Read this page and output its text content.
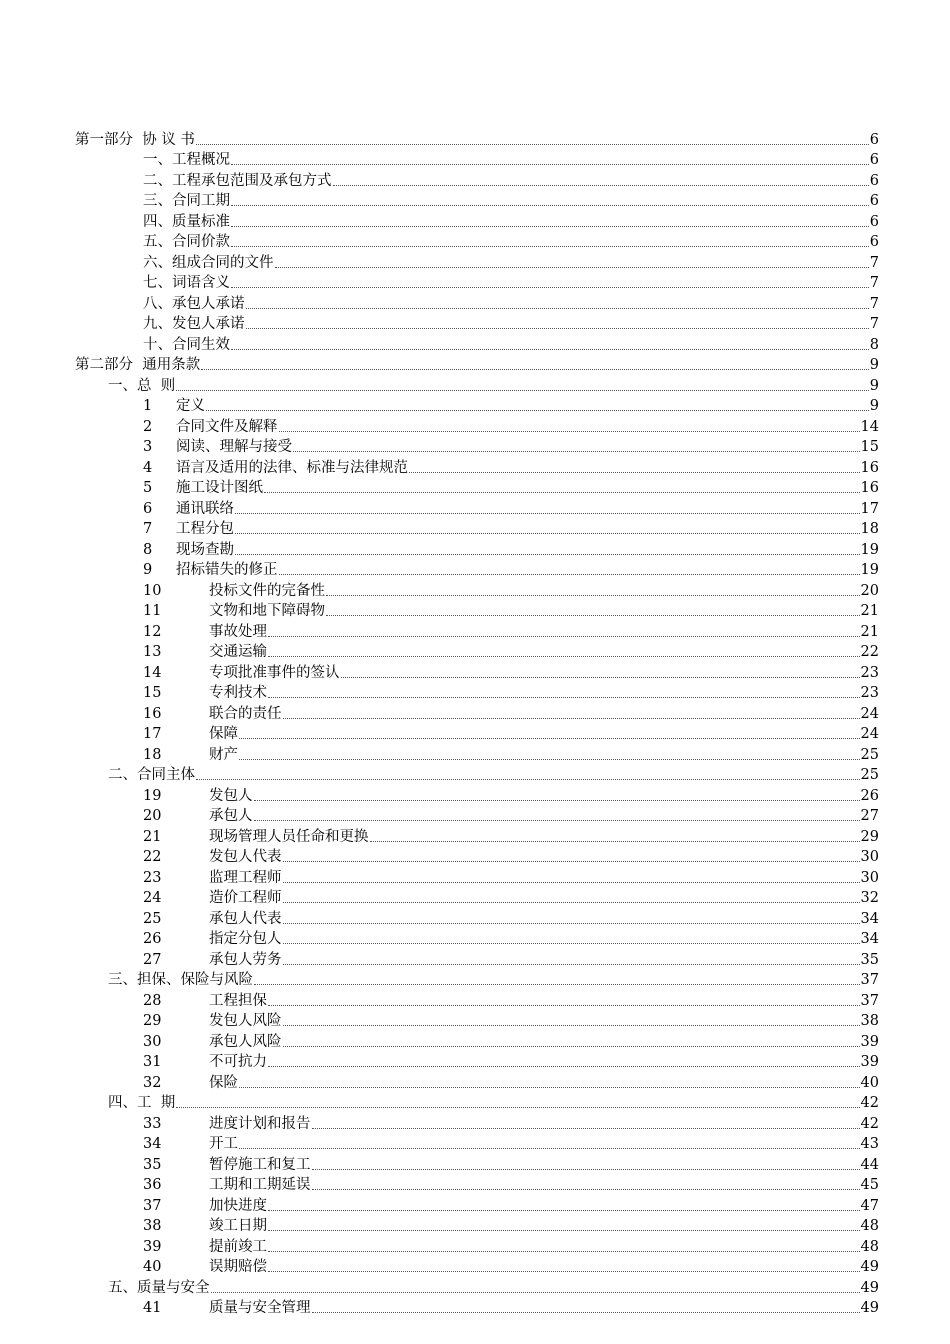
第一部分  协 议 书	6
一、工程概况	6
二、工程承包范围及承包方式	6
三、合同工期	6
四、质量标准	6
五、合同价款	6
六、组成合同的文件	7
七、词语含义	7
八、承包人承诺	7
九、发包人承诺	7
十、合同生效	8
第二部分  通用条款	9
一、总  则	9
1	定义	9
2	合同文件及解释	14
3	阅读、理解与接受	15
4	语言及适用的法律、标准与法律规范	16
5	施工设计图纸	16
6	通讯联络	17
7	工程分包	18
8	现场查勘	19
9	招标错失的修正	19
10	投标文件的完备性	20
11	文物和地下障碍物	21
12	事故处理	21
13	交通运输	22
14	专项批准事件的签认	23
15	专利技术	23
16	联合的责任	24
17	保障	24
18	财产	25
二、合同主体	25
19	发包人	26
20	承包人	27
21	现场管理人员任命和更换	29
22	发包人代表	30
23	监理工程师	30
24	造价工程师	32
25	承包人代表	34
26	指定分包人	34
27	承包人劳务	35
三、担保、保险与风险	37
28	工程担保	37
29	发包人风险	38
30	承包人风险	39
31	不可抗力	39
32	保险	40
四、工  期	42
33	进度计划和报告	42
34	开工	43
35	暂停施工和复工	44
36	工期和工期延误	45
37	加快进度	47
38	竣工日期	48
39	提前竣工	48
40	误期赔偿	49
五、质量与安全	49
41	质量与安全管理	49
